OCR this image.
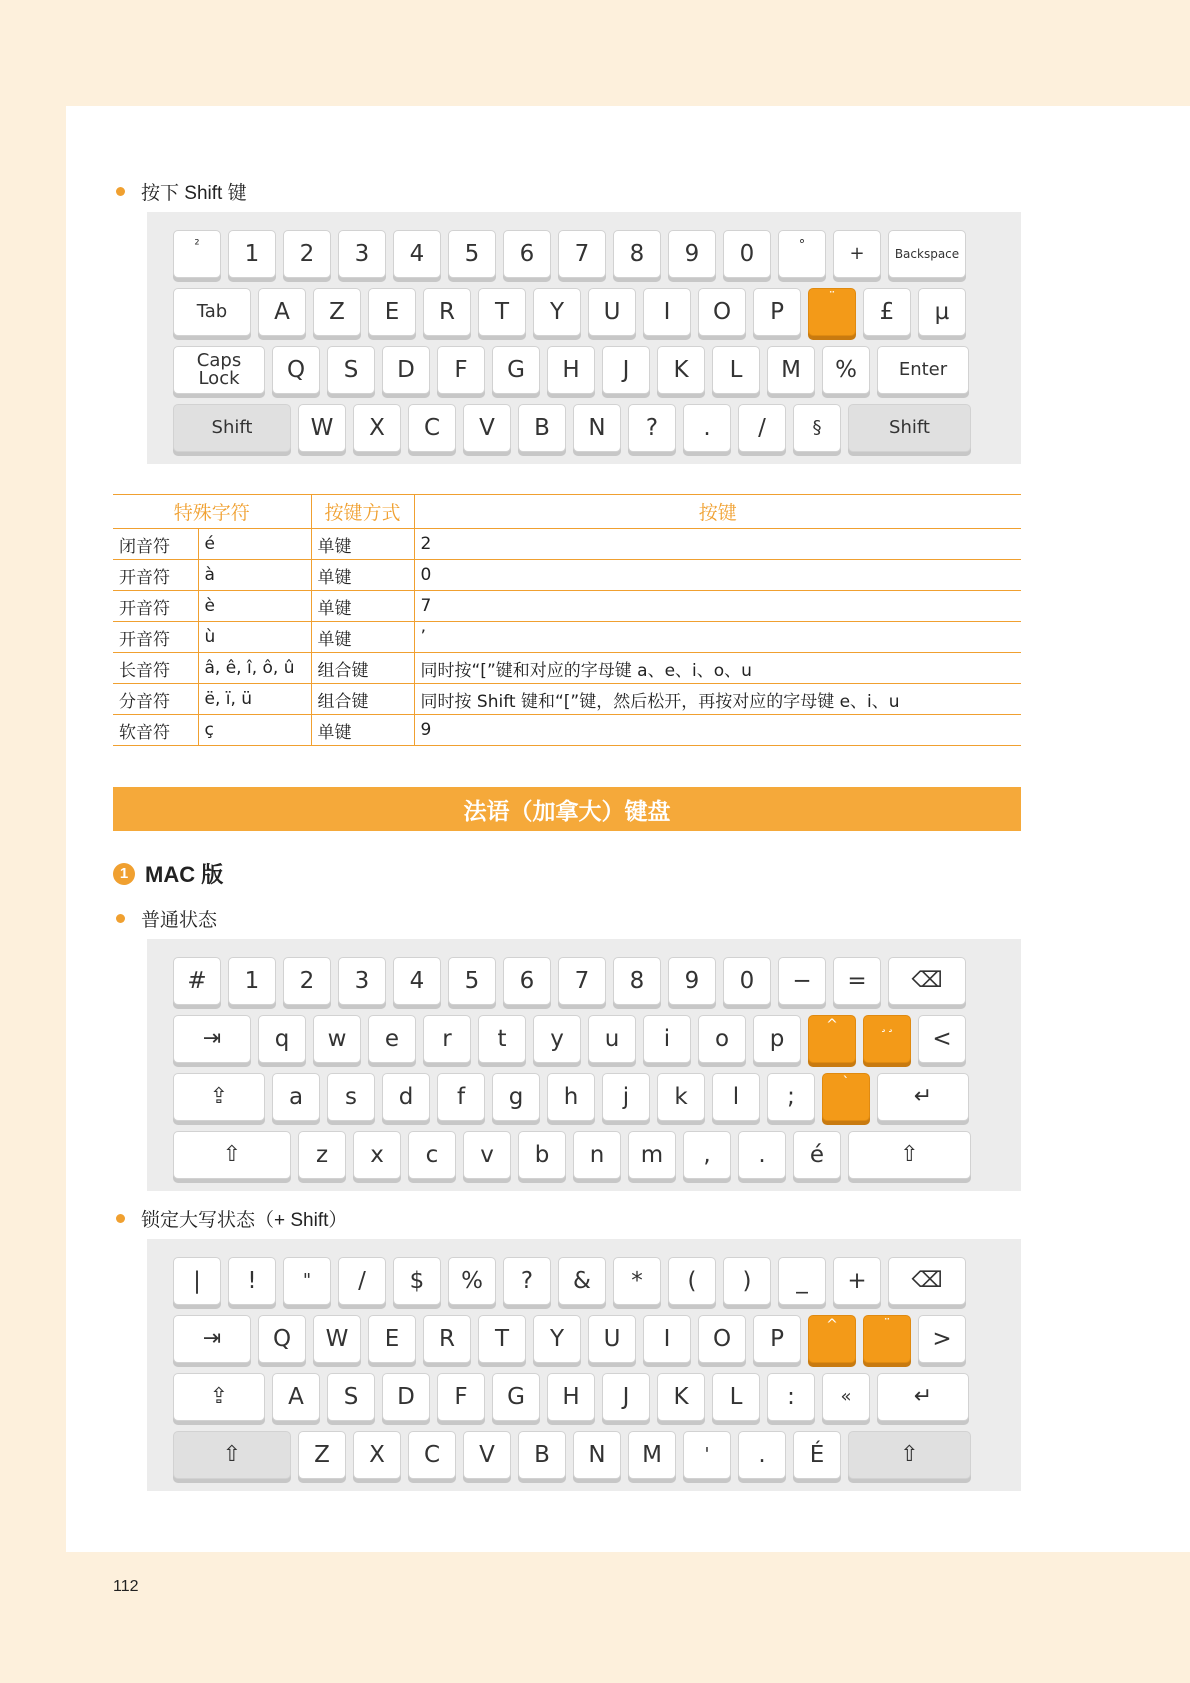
按下 Shift 键
²	1	2	3	4	5	6	7	8	9	0	°	+	Backspace
Tab	A	Z	E	R	T	Y	U	I	O	P
¨
£	µ
Caps
Lock	Q	S	D	F	G	H	J	K	L	M	%	Enter
Shift	W	X	C	V	B	N	?	.	/	§	Shift
特殊字符		按键方式	按键
闭音符	é	单键	2
开音符	à	单键	0
开音符	è	单键	7
开音符	ù	单键	’
长音符	â, ê, î, ô, û	组合键	同时按“[”键和对应的字母键 a、e、i、o、u
分音符	ë, ï, ü	组合键	同时按 Shift 键和“[”键，然后松开，再按对应的字母键 e、i、u
软音符	ç	单键	9
法语（加拿大）键盘
1 MAC 版
普通状态
#	1	2	3	4	5	6	7	8	9	0	−	=	⌫
⇥	q	w	e	r	t	y	u	i	o	p
^	¸¸
<
⇪	a	s	d	f	g	h	j	k	l	;
`
↵
⇧	z	x	c	v	b	n	m	,	.	é	⇧
锁定大写状态（+ Shift）
|	!	"	/	$	%	?	&	*	(	)	_	+	⌫
⇥	Q	W	E	R	T	Y	U	I	O	P
^	¨
>
⇪	A	S	D	F	G	H	J	K	L	:	«	↵
⇧	Z	X	C	V	B	N	M	'	.	É	⇧
112
